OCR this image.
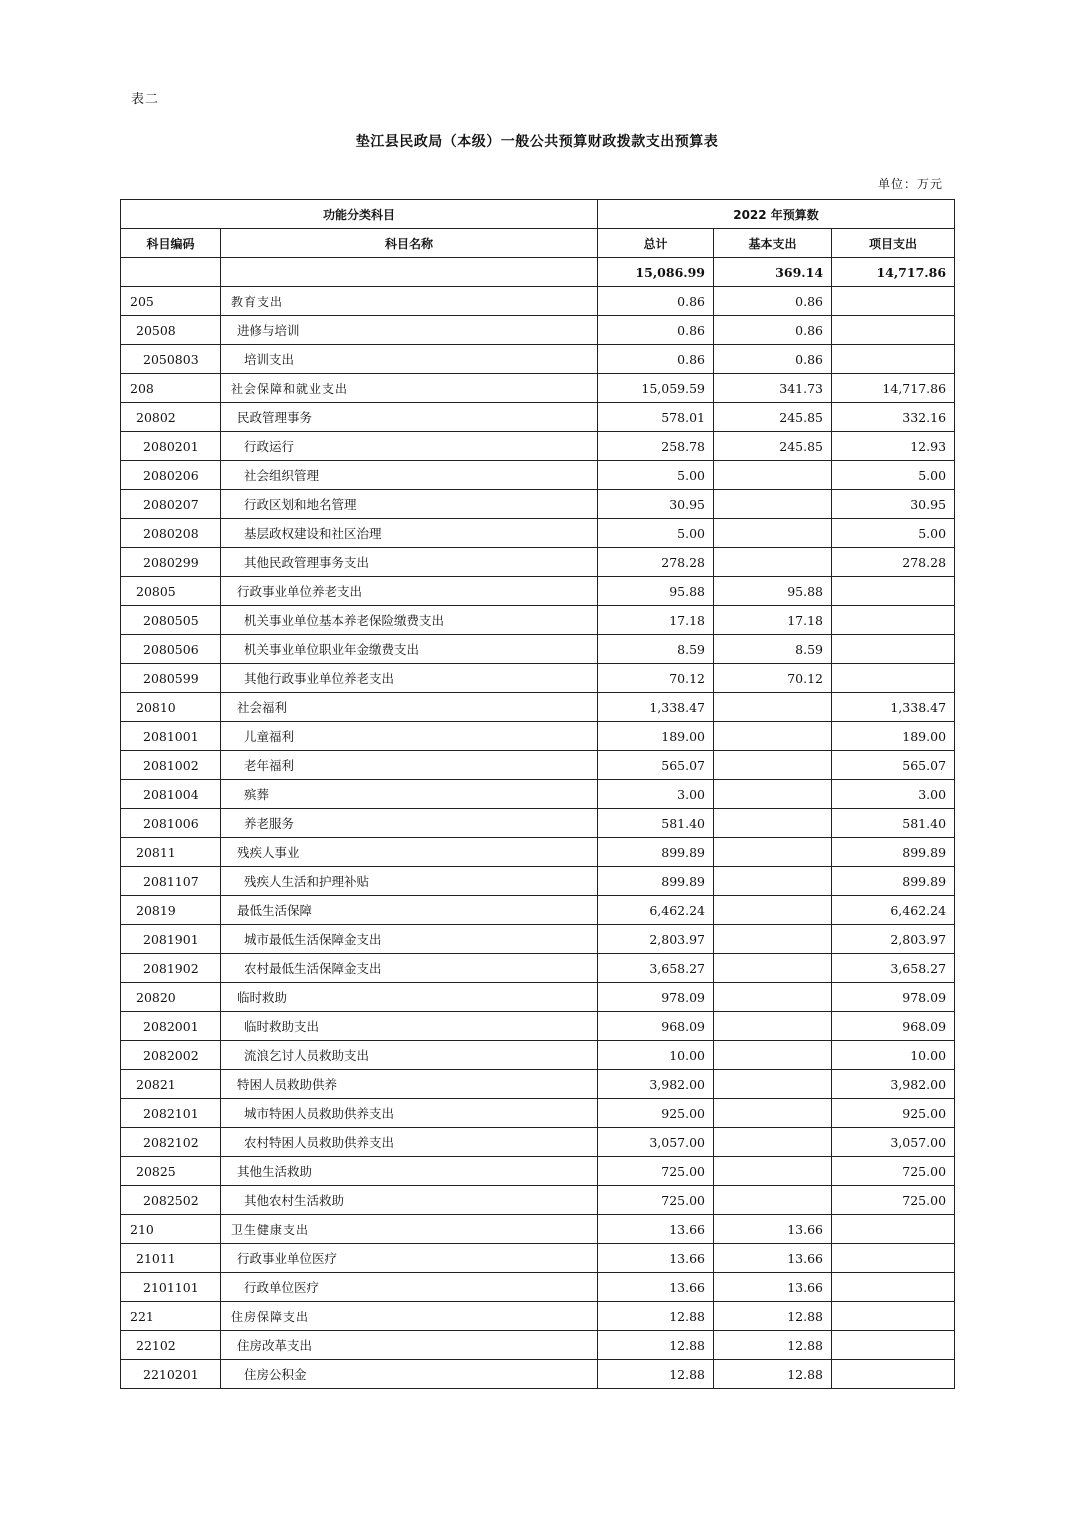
表二
垫江县民政局（本级）一般公共预算财政拨款支出预算表
单位：万元
功能分类科目		2022 年预算数		
科目编码	科目名称	总计	基本支出	项目支出
		15,086.99	369.14	14,717.86
205	教育支出	0.86	0.86	
20508	进修与培训	0.86	0.86	
2050803	培训支出	0.86	0.86	
208	社会保障和就业支出	15,059.59	341.73	14,717.86
20802	民政管理事务	578.01	245.85	332.16
2080201	行政运行	258.78	245.85	12.93
2080206	社会组织管理	5.00		5.00
2080207	行政区划和地名管理	30.95		30.95
2080208	基层政权建设和社区治理	5.00		5.00
2080299	其他民政管理事务支出	278.28		278.28
20805	行政事业单位养老支出	95.88	95.88	
2080505	机关事业单位基本养老保险缴费支出	17.18	17.18	
2080506	机关事业单位职业年金缴费支出	8.59	8.59	
2080599	其他行政事业单位养老支出	70.12	70.12	
20810	社会福利	1,338.47		1,338.47
2081001	儿童福利	189.00		189.00
2081002	老年福利	565.07		565.07
2081004	殡葬	3.00		3.00
2081006	养老服务	581.40		581.40
20811	残疾人事业	899.89		899.89
2081107	残疾人生活和护理补贴	899.89		899.89
20819	最低生活保障	6,462.24		6,462.24
2081901	城市最低生活保障金支出	2,803.97		2,803.97
2081902	农村最低生活保障金支出	3,658.27		3,658.27
20820	临时救助	978.09		978.09
2082001	临时救助支出	968.09		968.09
2082002	流浪乞讨人员救助支出	10.00		10.00
20821	特困人员救助供养	3,982.00		3,982.00
2082101	城市特困人员救助供养支出	925.00		925.00
2082102	农村特困人员救助供养支出	3,057.00		3,057.00
20825	其他生活救助	725.00		725.00
2082502	其他农村生活救助	725.00		725.00
210	卫生健康支出	13.66	13.66	
21011	行政事业单位医疗	13.66	13.66	
2101101	行政单位医疗	13.66	13.66	
221	住房保障支出	12.88	12.88	
22102	住房改革支出	12.88	12.88	
2210201	住房公积金	12.88	12.88	
